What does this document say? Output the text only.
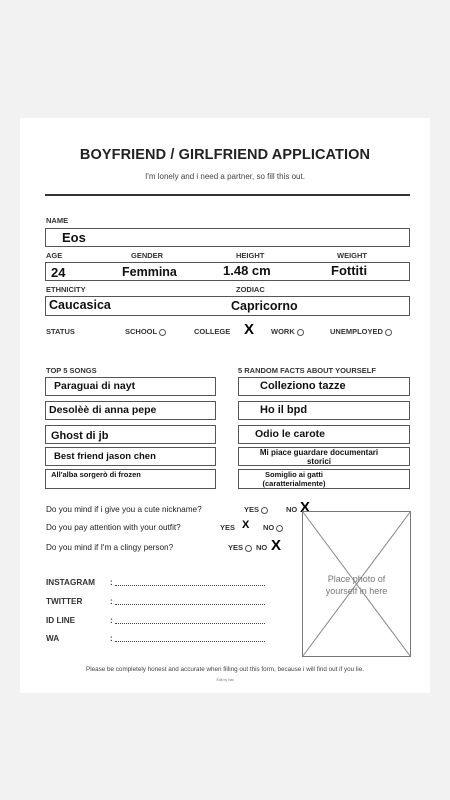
BOYFRIEND / GIRLFRIEND APPLICATION
I'm lonely and i need a partner, so fill this out.
NAME
Eos
AGE	GENDER	HEIGHT	WEIGHT
24	Femmina	1.48 cm	Fottiti
ETHNICITY	ZODIAC
Caucasica	Capricorno
STATUS	SCHOOL	COLLEGE X WORK	UNEMPLOYED
TOP 5 SONGS
Paraguai di nayt
Desolèè di anna pepe
Ghost di jb
Best friend jason chen
All'alba sorgerò di frozen
5 RANDOM FACTS ABOUT YOURSELF
Colleziono tazze
Ho il bpd
Odio le carote
Mi piace guardare documentari storici
Somiglio ai gatti (caratterialmente)
Do you mind if i give you a cute nickname?	YES	NO X
Do you pay attention with your outfit?	YES X NO
Do you mind if I'm a clingy person?	YES	NO X
Place photo of yourself in here
INSTAGRAM :
TWITTER	:
ID LINE	:
WA	:
Please be completely honest and accurate when filling out this form, because i will find out if you lie.
Edit by Nat
